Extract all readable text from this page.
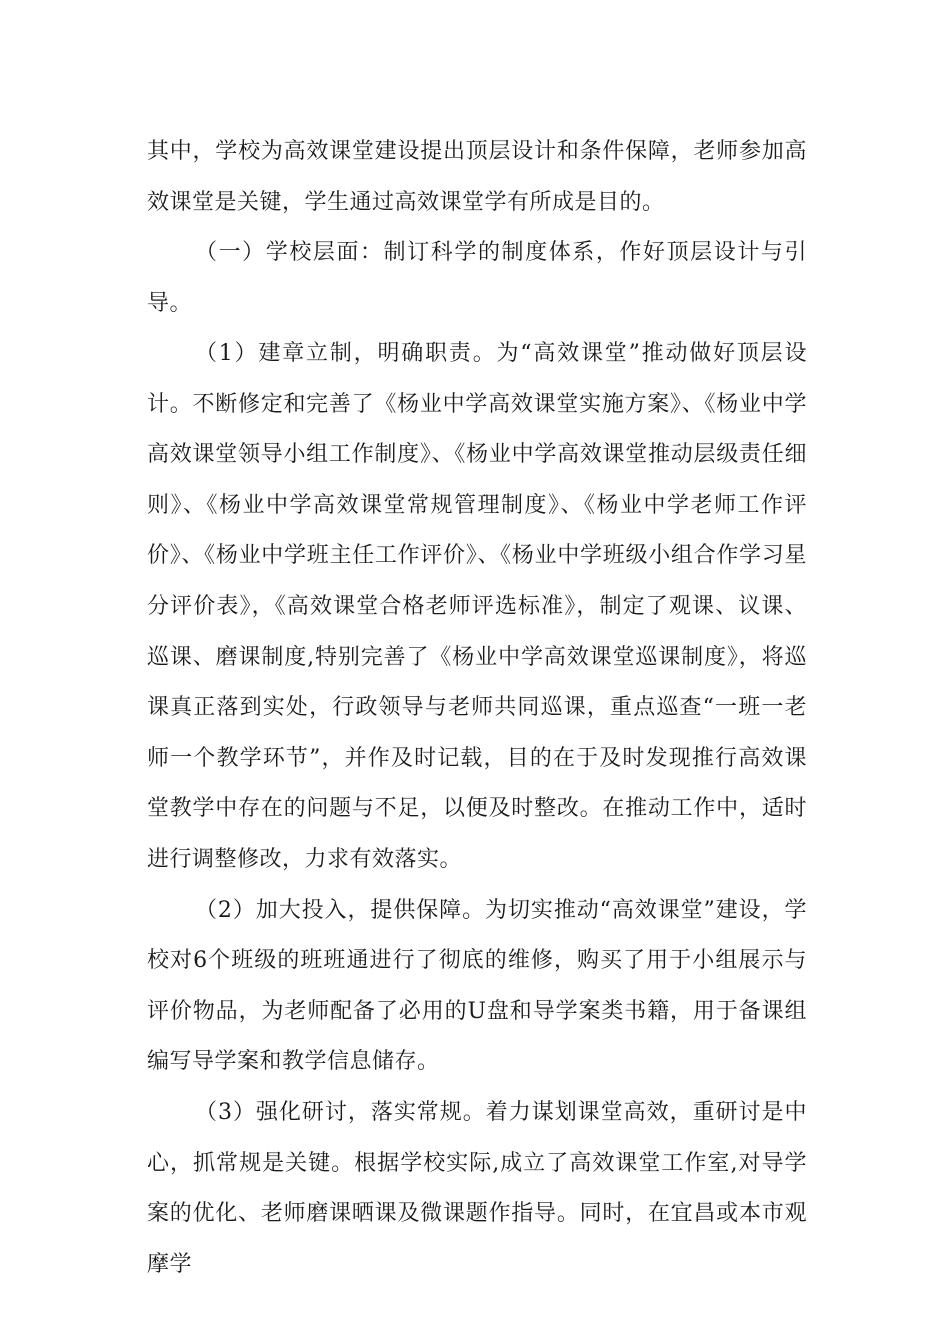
其中，学校为高效课堂建设提出顶层设计和条件保障，老师参加高效课堂是关键，学生通过高效课堂学有所成是目的。

（一）学校层面：制订科学的制度体系，作好顶层设计与引导。

（1）建章立制，明确职责。为“高效课堂”推动做好顶层设计。不断修定和完善了《杨业中学高效课堂实施方案》、《杨业中学高效课堂领导小组工作制度》、《杨业中学高效课堂推动层级责任细则》、《杨业中学高效课堂常规管理制度》、《杨业中学老师工作评价》、《杨业中学班主任工作评价》、《杨业中学班级小组合作学习星分评价表》，《高效课堂合格老师评选标准》，制定了观课、议课、巡课、磨课制度,特别完善了《杨业中学高效课堂巡课制度》，将巡课真正落到实处，行政领导与老师共同巡课，重点巡查“一班一老师一个教学环节”，并作及时记载，目的在于及时发现推行高效课堂教学中存在的问题与不足，以便及时整改。在推动工作中，适时进行调整修改，力求有效落实。

（2）加大投入，提供保障。为切实推动“高效课堂”建设，学校对6个班级的班班通进行了彻底的维修，购买了用于小组展示与评价物品，为老师配备了必用的U盘和导学案类书籍，用于备课组编写导学案和教学信息储存。

（3）强化研讨，落实常规。着力谋划课堂高效，重研讨是中心，抓常规是关键。根据学校实际,成立了高效课堂工作室,对导学案的优化、老师磨课晒课及微课题作指导。同时，在宜昌或本市观摩学
